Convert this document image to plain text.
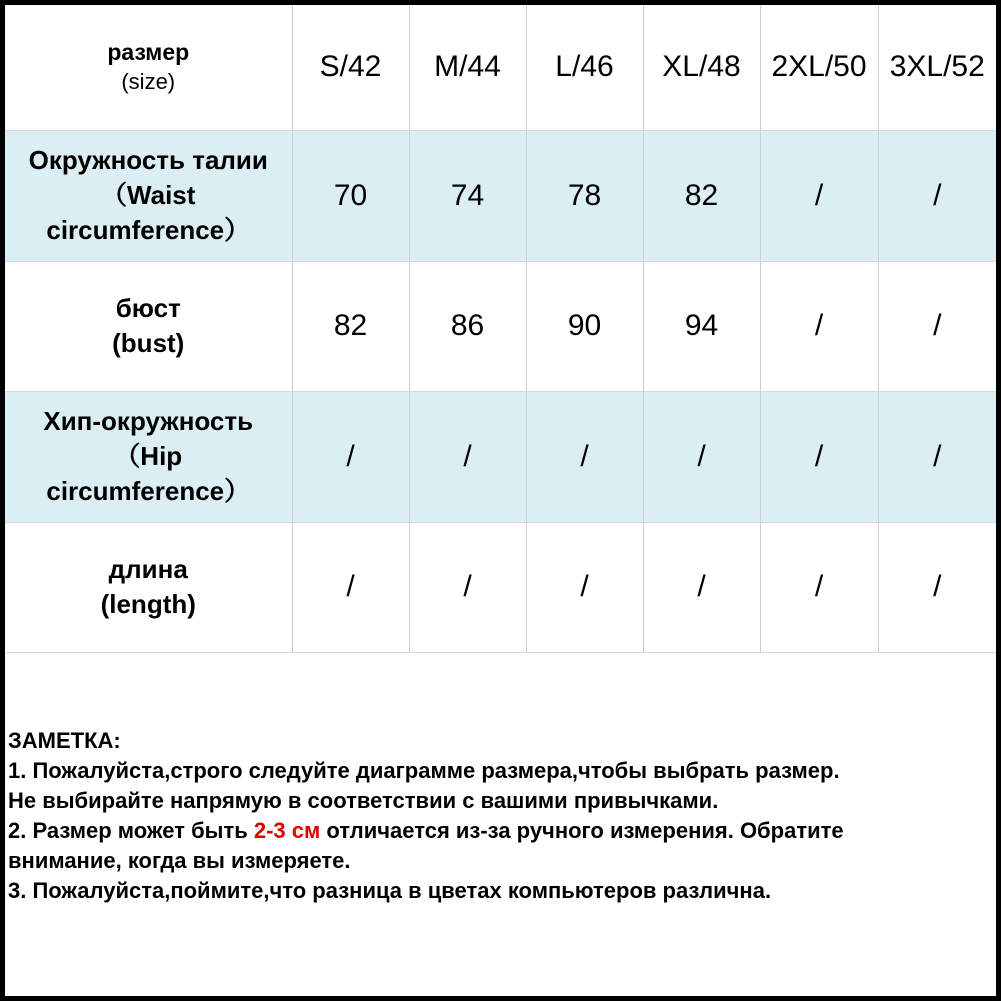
размер
(size)	S/42	M/44	L/46	XL/48	2XL/50	3XL/52

Окружность талии
（Waist
circumference）	70	74	78	82	/	/

бюст
(bust)	82	86	90	94	/	/

Хип-окружность
（Hip
circumference）	/	/	/	/	/	/

длина
(length)	/	/	/	/	/	/
ЗАМЕТКА:
1. Пожалуйста,строго следуйте диаграмме размера,чтобы выбрать размер.
Не выбирайте напрямую в соответствии с вашими привычками.
2. Размер может быть 2-3 см отличается из-за ручного измерения. Обратите
внимание, когда вы измеряете.
3. Пожалуйста,поймите,что разница в цветах компьютеров различна.
